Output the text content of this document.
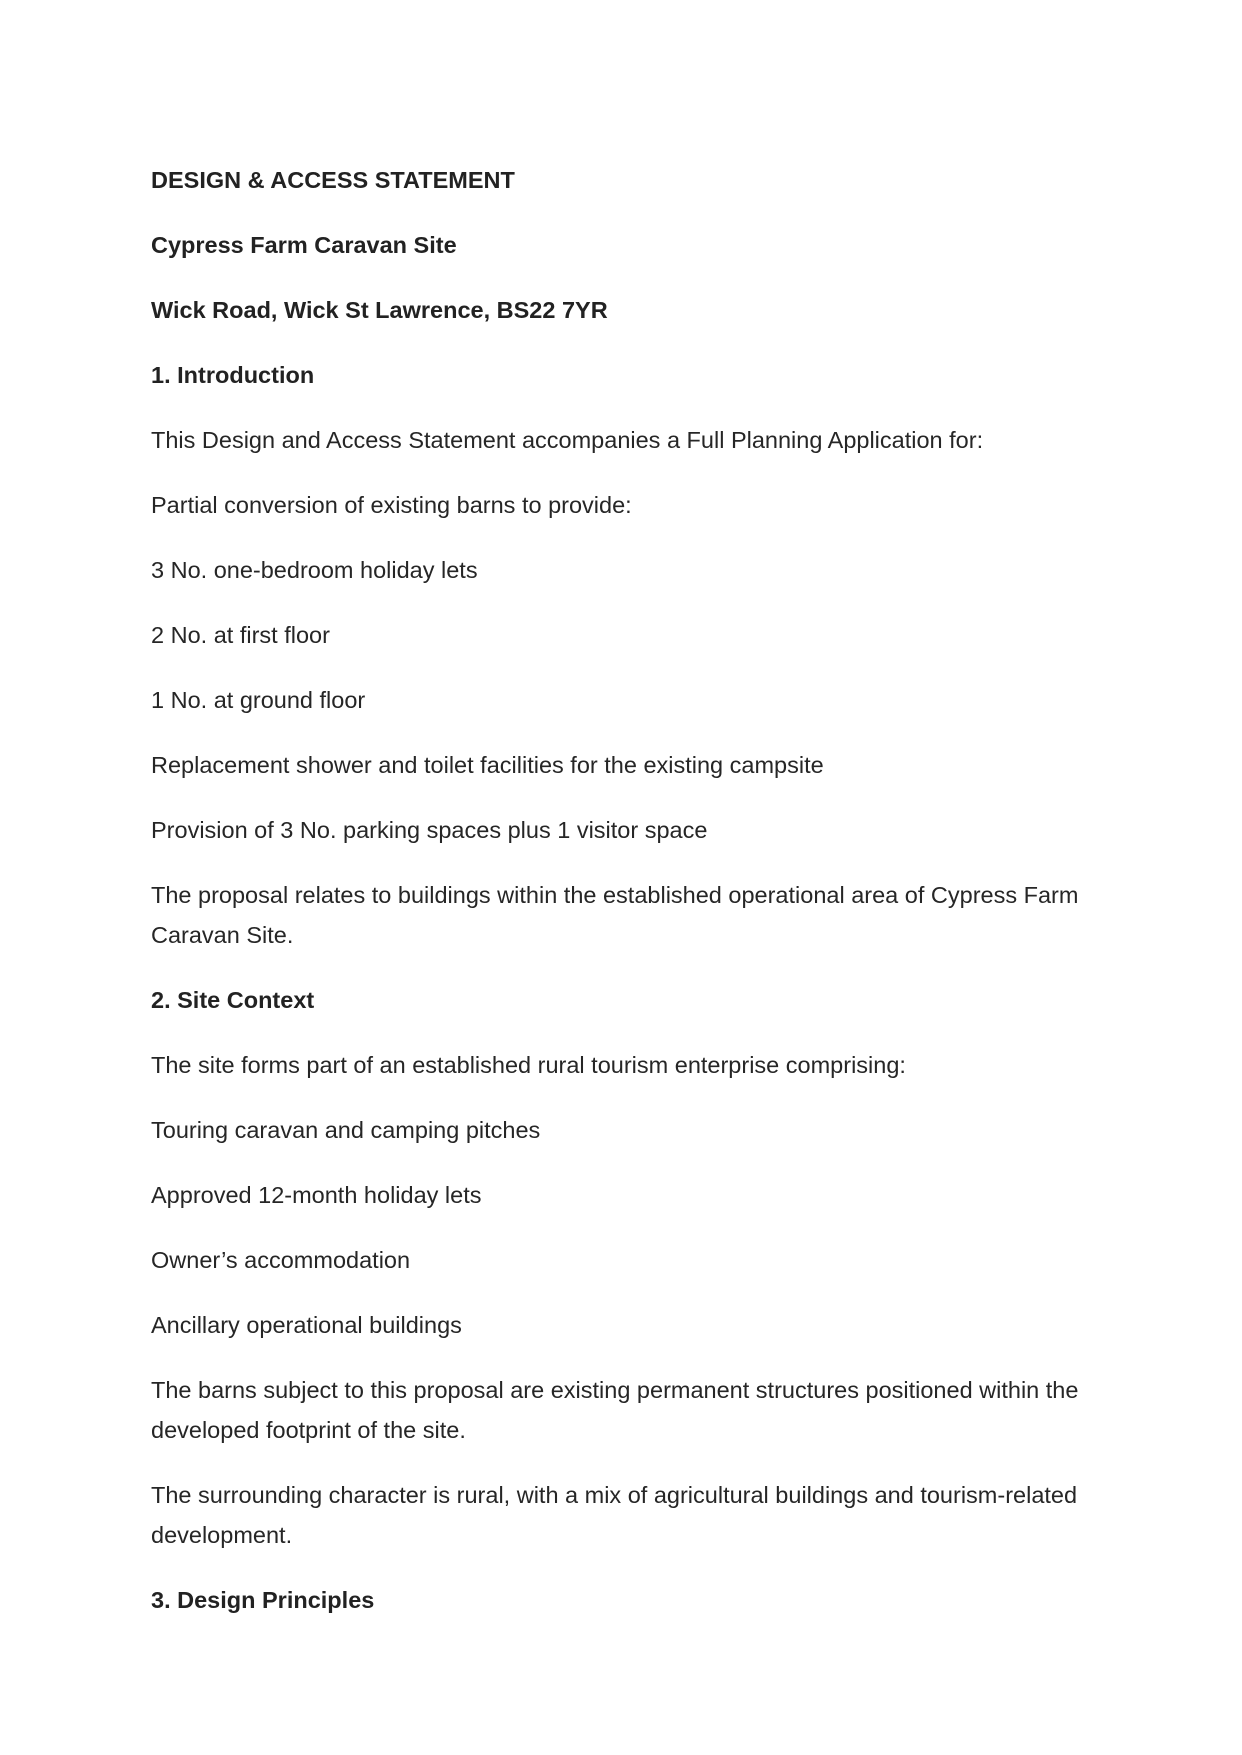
DESIGN & ACCESS STATEMENT

Cypress Farm Caravan Site

Wick Road, Wick St Lawrence, BS22 7YR

1. Introduction

This Design and Access Statement accompanies a Full Planning Application for:

Partial conversion of existing barns to provide:

3 No. one-bedroom holiday lets

2 No. at first floor

1 No. at ground floor

Replacement shower and toilet facilities for the existing campsite

Provision of 3 No. parking spaces plus 1 visitor space

The proposal relates to buildings within the established operational area of Cypress Farm Caravan Site.

2. Site Context

The site forms part of an established rural tourism enterprise comprising:

Touring caravan and camping pitches

Approved 12-month holiday lets

Owner’s accommodation

Ancillary operational buildings

The barns subject to this proposal are existing permanent structures positioned within the developed footprint of the site.

The surrounding character is rural, with a mix of agricultural buildings and tourism-related development.

3. Design Principles
